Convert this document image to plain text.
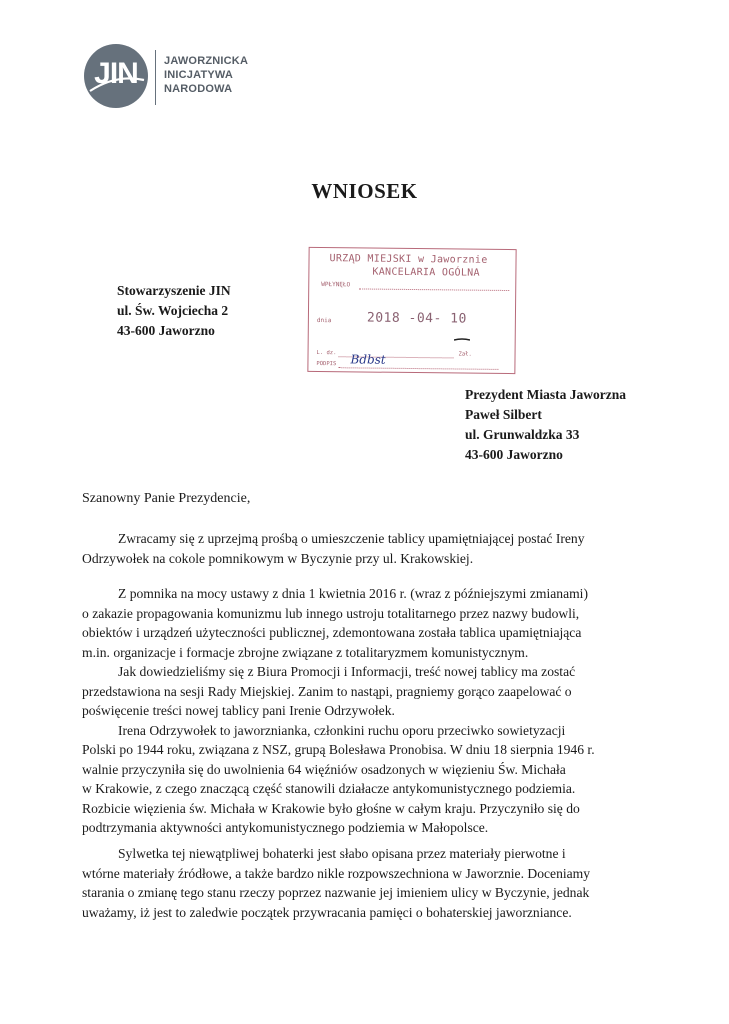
JIN	JAWORZNICKA
INICJATYWA
NARODOWA
WNIOSEK
Stowarzyszenie JIN
ul. Św. Wojciecha 2
43-600 Jaworzno
URZĄD MIEJSKI w Jaworznie
KANCELARIA OGÓLNA
WPŁYNĘŁO
dnia	2018 -04- 10
L. dz.	Zał.
PODPIS Bdbst
Prezydent Miasta Jaworzna
Paweł Silbert
ul. Grunwaldzka 33
43-600 Jaworzno
Szanowny Panie Prezydencie,
Zwracamy się z uprzejmą prośbą o umieszczenie tablicy upamiętniającej postać Ireny
Odrzywołek na cokole pomnikowym w Byczynie przy ul. Krakowskiej.
Z pomnika na mocy ustawy z dnia 1 kwietnia 2016 r. (wraz z późniejszymi zmianami)
o zakazie propagowania komunizmu lub innego ustroju totalitarnego przez nazwy budowli,
obiektów i urządzeń użyteczności publicznej, zdemontowana została tablica upamiętniająca
m.in. organizacje i formacje zbrojne związane z totalitaryzmem komunistycznym.
Jak dowiedzieliśmy się z Biura Promocji i Informacji, treść nowej tablicy ma zostać
przedstawiona na sesji Rady Miejskiej. Zanim to nastąpi, pragniemy gorąco zaapelować o
poświęcenie treści nowej tablicy pani Irenie Odrzywołek.
Irena Odrzywołek to jaworznianka, członkini ruchu oporu przeciwko sowietyzacji
Polski po 1944 roku, związana z NSZ, grupą Bolesława Pronobisa. W dniu 18 sierpnia 1946 r.
walnie przyczyniła się do uwolnienia 64 więźniów osadzonych w więzieniu Św. Michała
w Krakowie, z czego znaczącą część stanowili działacze antykomunistycznego podziemia.
Rozbicie więzienia św. Michała w Krakowie było głośne w całym kraju. Przyczyniło się do
podtrzymania aktywności antykomunistycznego podziemia w Małopolsce.
Sylwetka tej niewątpliwej bohaterki jest słabo opisana przez materiały pierwotne i
wtórne materiały źródłowe, a także bardzo nikle rozpowszechniona w Jaworznie. Doceniamy
starania o zmianę tego stanu rzeczy poprzez nazwanie jej imieniem ulicy w Byczynie, jednak
uważamy, iż jest to zaledwie początek przywracania pamięci o bohaterskiej jaworzniance.
